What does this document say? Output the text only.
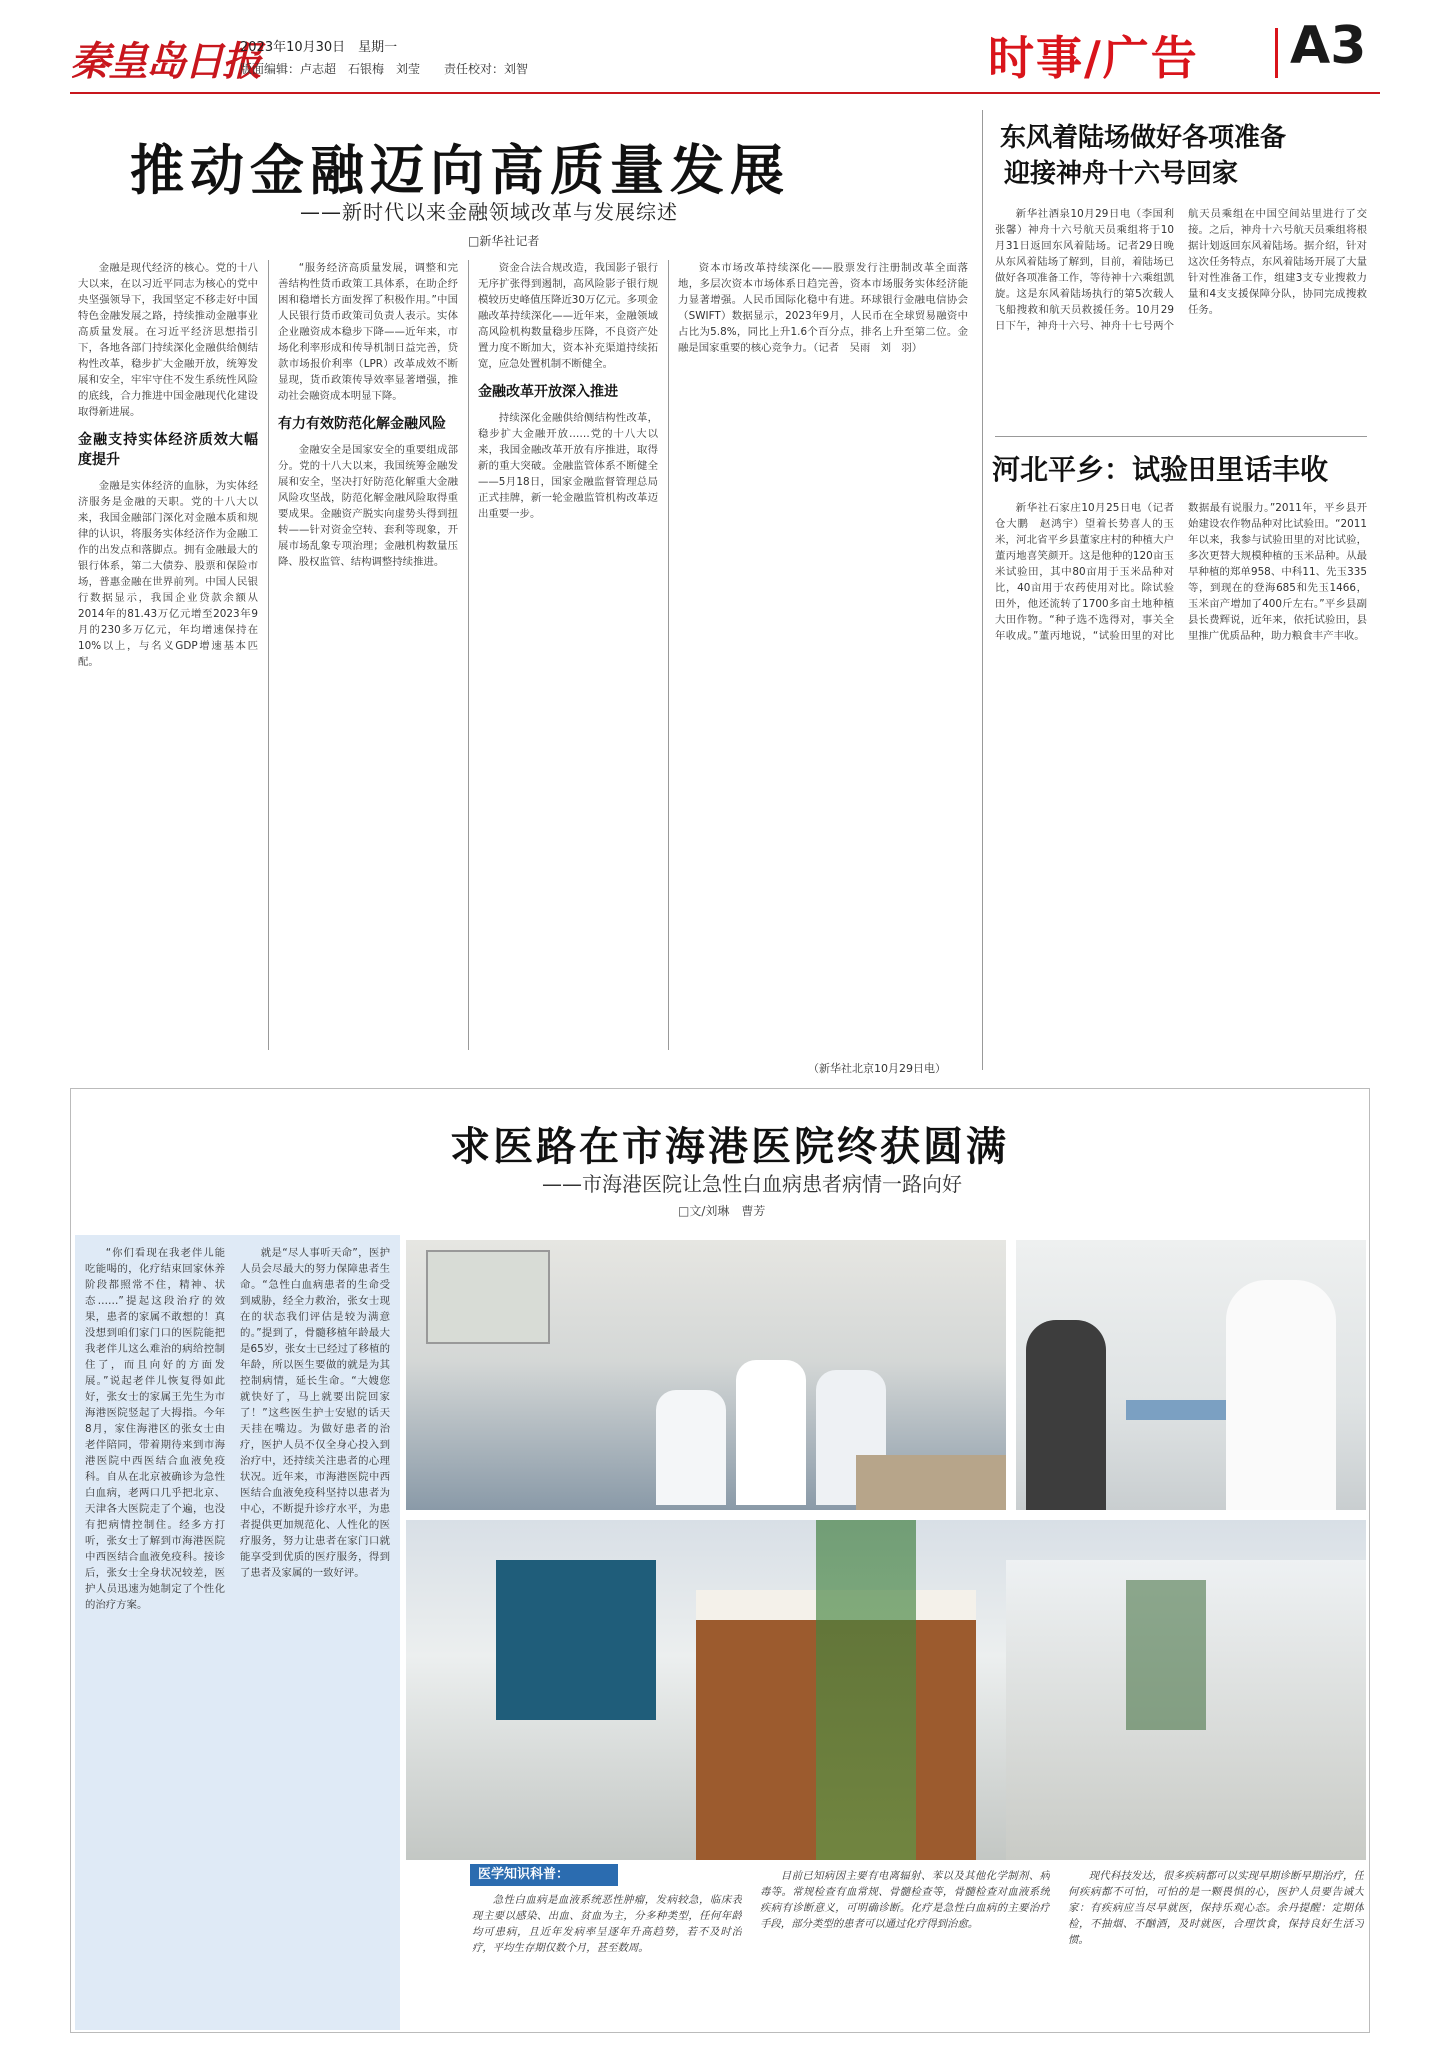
秦皇岛日报
2023年10月30日　星期一
版面编辑：卢志超　石银梅　刘莹　　责任校对：刘智	时事/广告 A3
推动金融迈向高质量发展
——新时代以来金融领域改革与发展综述
□新华社记者

金融是现代经济的核心。党的十八大以来，在以习近平同志为核心的党中央坚强领导下，我国坚定不移走好中国特色金融发展之路，持续推动金融事业高质量发展。在习近平经济思想指引下，各地各部门持续深化金融供给侧结构性改革，稳步扩大金融开放，统筹发展和安全，牢牢守住不发生系统性风险的底线，合力推进中国金融现代化建设取得新进展。

金融支持实体经济质效大幅度提升

金融是实体经济的血脉，为实体经济服务是金融的天职。党的十八大以来，我国金融部门深化对金融本质和规律的认识，将服务实体经济作为金融工作的出发点和落脚点。拥有金融最大的银行体系，第二大债券、股票和保险市场，普惠金融在世界前列。中国人民银行数据显示，我国企业贷款余额从2014年的81.43万亿元增至2023年9月的230多万亿元，年均增速保持在10%以上，与名义GDP增速基本匹配。

“服务经济高质量发展，调整和完善结构性货币政策工具体系，在助企纾困和稳增长方面发挥了积极作用。”中国人民银行货币政策司负责人表示。实体企业融资成本稳步下降——近年来，市场化利率形成和传导机制日益完善，贷款市场报价利率（LPR）改革成效不断显现，货币政策传导效率显著增强，推动社会融资成本明显下降。

有力有效防范化解金融风险

金融安全是国家安全的重要组成部分。党的十八大以来，我国统筹金融发展和安全，坚决打好防范化解重大金融风险攻坚战，防范化解金融风险取得重要成果。金融资产脱实向虚势头得到扭转——针对资金空转、套利等现象，开展市场乱象专项治理；金融机构数量压降、股权监管、结构调整持续推进。

资金合法合规改造，我国影子银行无序扩张得到遏制，高风险影子银行规模较历史峰值压降近30万亿元。多项金融改革持续深化——近年来，金融领域高风险机构数量稳步压降，不良资产处置力度不断加大，资本补充渠道持续拓宽，应急处置机制不断健全。

金融改革开放深入推进

持续深化金融供给侧结构性改革，稳步扩大金融开放……党的十八大以来，我国金融改革开放有序推进，取得新的重大突破。金融监管体系不断健全——5月18日，国家金融监督管理总局正式挂牌，新一轮金融监管机构改革迈出重要一步。

资本市场改革持续深化——股票发行注册制改革全面落地，多层次资本市场体系日趋完善，资本市场服务实体经济能力显著增强。人民币国际化稳中有进。环球银行金融电信协会（SWIFT）数据显示，2023年9月，人民币在全球贸易融资中占比为5.8%，同比上升1.6个百分点，排名上升至第二位。金融是国家重要的核心竞争力。（记者　吴雨　刘　羽）

（新华社北京10月29日电）
东风着陆场做好各项准备
迎接神舟十六号回家

新华社酒泉10月29日电（李国利　张馨）神舟十六号航天员乘组将于10月31日返回东风着陆场。记者29日晚从东风着陆场了解到，目前，着陆场已做好各项准备工作，等待神十六乘组凯旋。这是东风着陆场执行的第5次载人飞船搜救和航天员救援任务。10月29日下午，神舟十六号、神舟十七号两个航天员乘组在中国空间站里进行了交接。之后，神舟十六号航天员乘组将根据计划返回东风着陆场。据介绍，针对这次任务特点，东风着陆场开展了大量针对性准备工作，组建3支专业搜救力量和4支支援保障分队，协同完成搜救任务。

河北平乡：试验田里话丰收

新华社石家庄10月25日电（记者仓大鹏　赵鸿宇）望着长势喜人的玉米，河北省平乡县董家庄村的种植大户董丙地喜笑颜开。这是他种的120亩玉米试验田，其中80亩用于玉米品种对比，40亩用于农药使用对比。除试验田外，他还流转了1700多亩土地种植大田作物。“种子选不选得对，事关全年收成。”董丙地说，“试验田里的对比数据最有说服力。”2011年，平乡县开始建设农作物品种对比试验田。“2011年以来，我参与试验田里的对比试验，多次更替大规模种植的玉米品种。从最早种植的郑单958、中科11、先玉335等，到现在的登海685和先玉1466，玉米亩产增加了400斤左右。”平乡县副县长费辉说，近年来，依托试验田，县里推广优质品种，助力粮食丰产丰收。

求医路在市海港医院终获圆满
——市海港医院让急性白血病患者病情一路向好
□文/刘琳　曹芳

“你们看现在我老伴儿能吃能喝的，化疗结束回家休养阶段都照常不住，精神、状态……”提起这段治疗的效果，患者的家属不敢想的！真没想到咱们家门口的医院能把我老伴儿这么难治的病给控制住了，而且向好的方面发展。”说起老伴儿恢复得如此好，张女士的家属王先生为市海港医院竖起了大拇指。今年8月，家住海港区的张女士由老伴陪同，带着期待来到市海港医院中西医结合血液免疫科。自从在北京被确诊为急性白血病，老两口几乎把北京、天津各大医院走了个遍，也没有把病情控制住。经多方打听，张女士了解到市海港医院中西医结合血液免疫科。接诊后，张女士全身状况较差，医护人员迅速为她制定了个性化的治疗方案。

就是“尽人事听天命”，医护人员会尽最大的努力保障患者生命。“急性白血病患者的生命受到威胁，经全力救治，张女士现在的状态我们评估是较为满意的。”提到了，骨髓移植年龄最大是65岁，张女士已经过了移植的年龄，所以医生要做的就是为其控制病情，延长生命。“大嫂您就快好了，马上就要出院回家了！”这些医生护士安慰的话天天挂在嘴边。为做好患者的治疗，医护人员不仅全身心投入到治疗中，还持续关注患者的心理状况。近年来，市海港医院中西医结合血液免疫科坚持以患者为中心，不断提升诊疗水平，为患者提供更加规范化、人性化的医疗服务，努力让患者在家门口就能享受到优质的医疗服务，得到了患者及家属的一致好评。

医学知识科普：

急性白血病是血液系统恶性肿瘤，发病较急，临床表现主要以感染、出血、贫血为主，分多种类型，任何年龄均可患病，且近年发病率呈逐年升高趋势，若不及时治疗，平均生存期仅数个月，甚至数周。

目前已知病因主要有电离辐射、苯以及其他化学制剂、病毒等。常规检查有血常规、骨髓检查等，骨髓检查对血液系统疾病有诊断意义，可明确诊断。化疗是急性白血病的主要治疗手段，部分类型的患者可以通过化疗得到治愈。

现代科技发达，很多疾病都可以实现早期诊断早期治疗，任何疾病都不可怕，可怕的是一颗畏惧的心，医护人员要告诫大家：有疾病应当尽早就医，保持乐观心态。余丹提醒：定期体检，不抽烟、不酗酒，及时就医，合理饮食，保持良好生活习惯。
